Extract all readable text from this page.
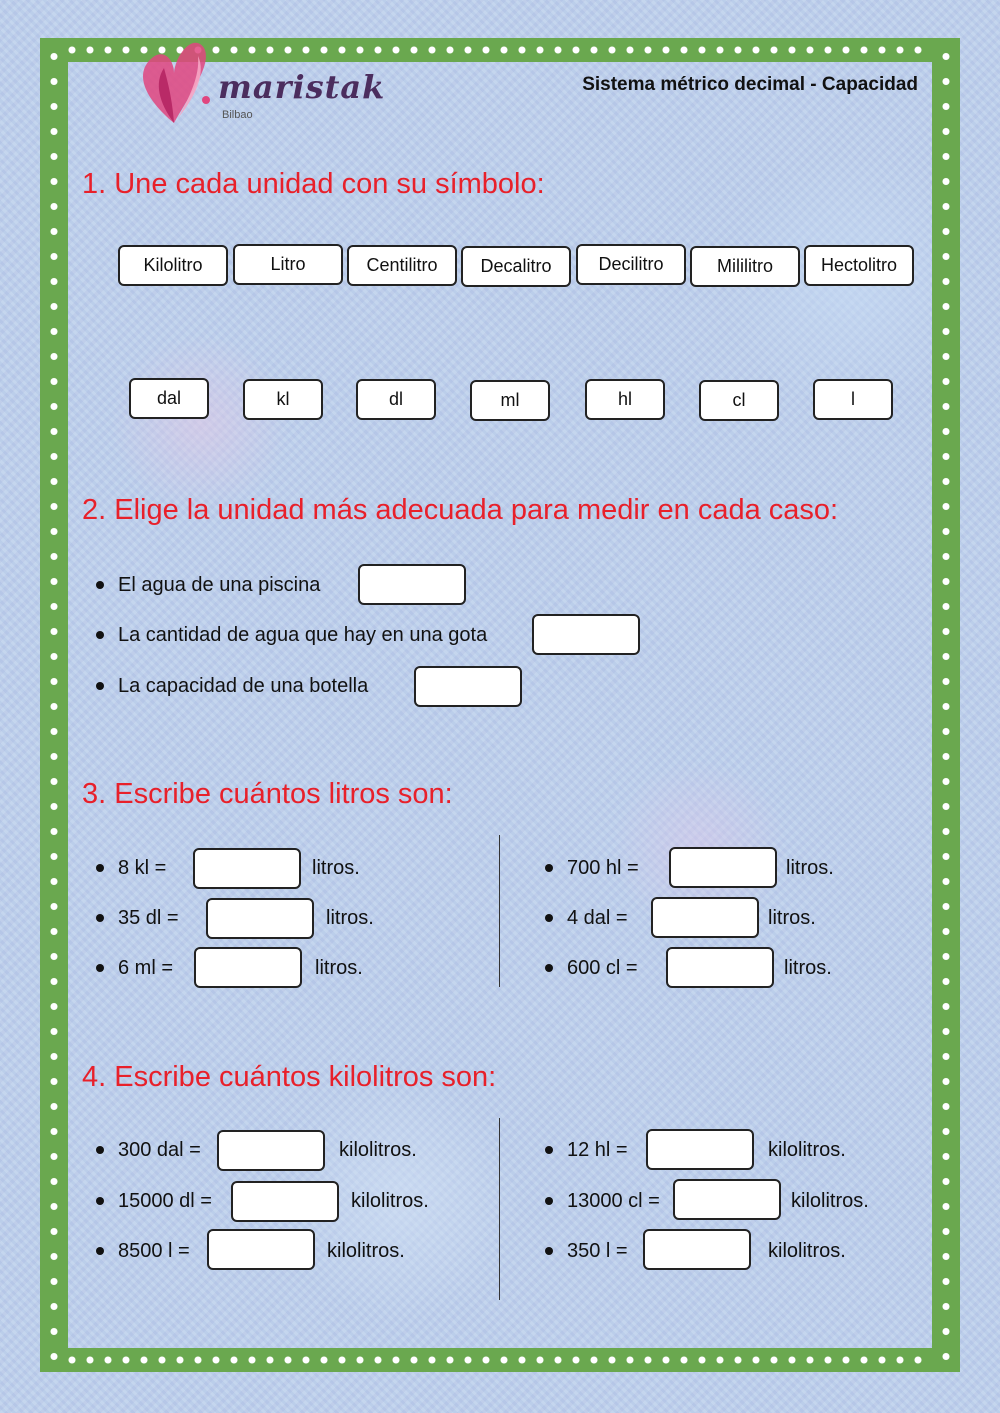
maristak
Bilbao
Sistema métrico decimal - Capacidad
1. Une cada unidad con su símbolo:
Kilolitro	Litro	Centilitro	Decalitro	Decilitro	Mililitro	Hectolitro
dal	kl	dl	ml	hl	cl	l
2. Elige la unidad más adecuada para medir en cada caso:
El agua de una piscina
La cantidad de agua que hay en una gota
La capacidad de una botella
3. Escribe cuántos litros son:
8 kl =	litros.
35 dl =	litros.
6 ml =	litros.
700 hl =	litros.
4 dal =	litros.
600 cl =	litros.
4. Escribe cuántos kilolitros son:
300 dal =	kilolitros.
15000 dl =	kilolitros.
8500 l =	kilolitros.
12 hl =	kilolitros.
13000 cl =	kilolitros.
350 l =	kilolitros.
